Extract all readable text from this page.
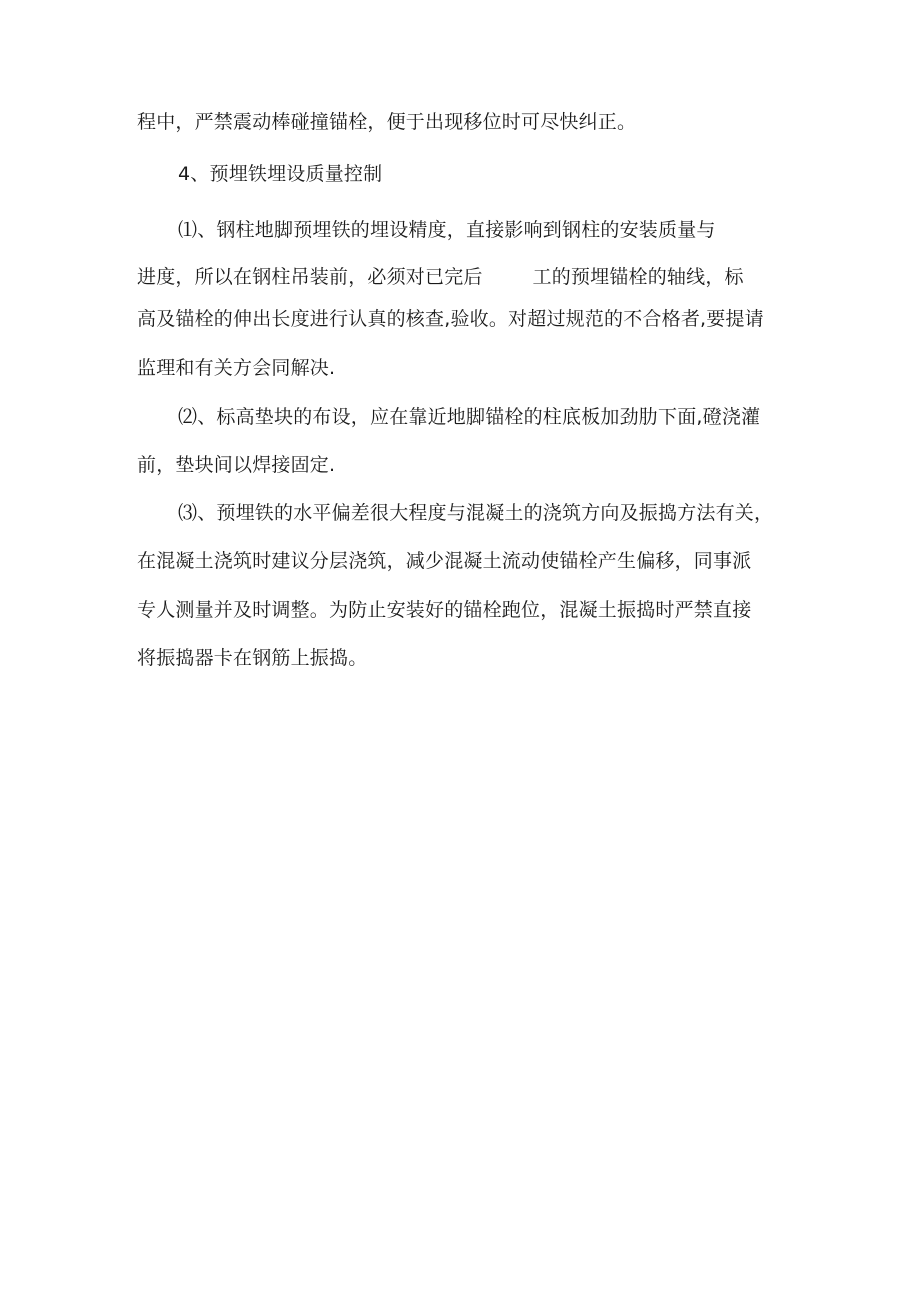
程中，严禁震动棒碰撞锚栓，便于出现移位时可尽快纠正。
4、预埋铁埋设质量控制
⑴、钢柱地脚预埋铁的埋设精度，直接影响到钢柱的安装质量与
进度，所以在钢柱吊装前，必须对已完后        工的预埋锚栓的轴线，标
高及锚栓的伸出长度进行认真的核查,验收。对超过规范的不合格者,要提请
监理和有关方会同解决.
⑵、标高垫块的布设，应在靠近地脚锚栓的柱底板加劲肋下面,磴浇灌
前，垫块间以焊接固定.
⑶、预埋铁的水平偏差很大程度与混凝土的浇筑方向及振捣方法有关，
在混凝土浇筑时建议分层浇筑，减少混凝土流动使锚栓产生偏移，同事派
专人测量并及时调整。为防止安装好的锚栓跑位，混凝土振捣时严禁直接
将振捣器卡在钢筋上振捣。
